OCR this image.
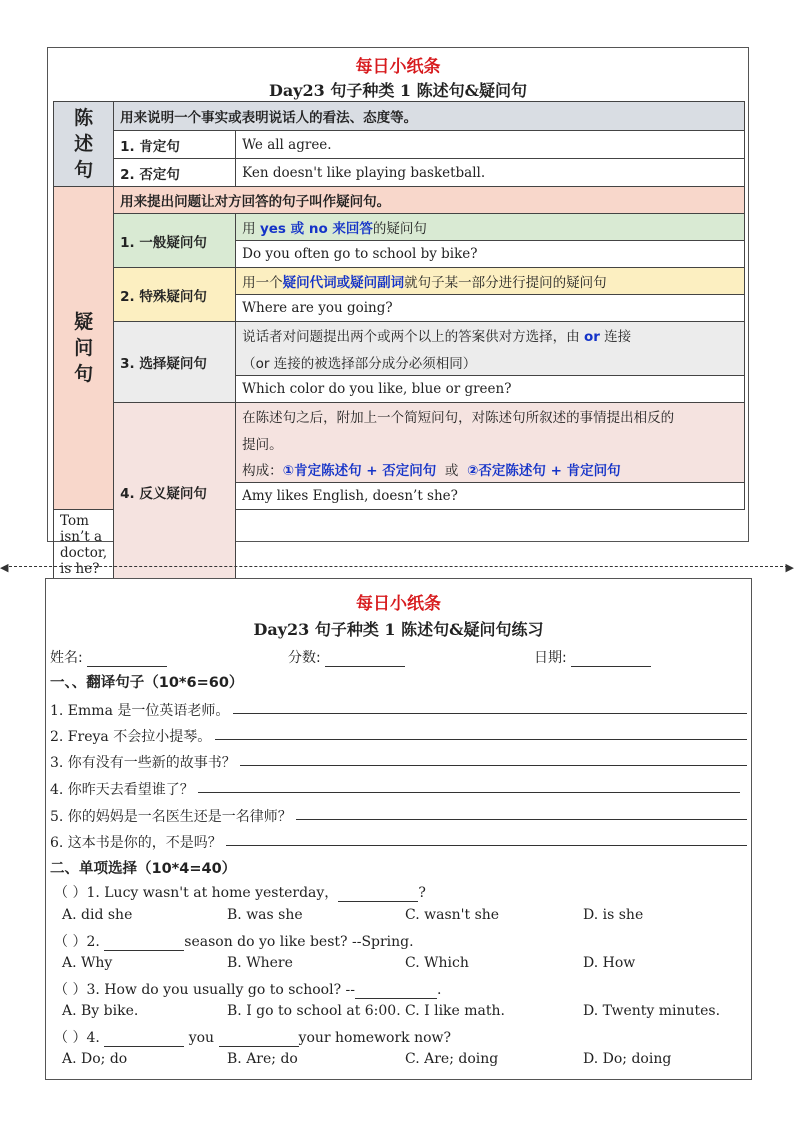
每日小纸条
Day23 句子种类 1 陈述句&疑问句
陈
述
句	用来说明一个事实或表明说话人的看法、态度等。	
	1. 肯定句	We all agree.
	2. 否定句	Ken doesn't like playing basketball.

疑
问
句	用来提出问题让对方回答的句子叫作疑问句。	
	1. 一般疑问句	用 yes 或 no 来回答的疑问句
		Do you often go to school by bike?
	2. 特殊疑问句	用一个疑问代词或疑问副词就句子某一部分进行提问的疑问句
		Where are you going?
	3. 选择疑问句	说话者对问题提出两个或两个以上的答案供对方选择，由 or 连接
		（or 连接的被选择部分成分必须相同）
		Which color do you like, blue or green?
	4. 反义疑问句	在陈述句之后，附加上一个简短问句，对陈述句所叙述的事情提出相反的
		提问。
		构成：①肯定陈述句 + 否定问句  或  ②否定陈述句 + 肯定问句
		Amy likes English, doesn’t she?
Tom isn’t a doctor, is he?		
◀	▶
每日小纸条
Day23 句子种类 1 陈述句&疑问句练习
姓名:	分数:	日期:
一、、翻译句子（10*6=60）
1. Emma 是一位英语老师。
2. Freya 不会拉小提琴。
3. 你有没有一些新的故事书？
4. 你昨天去看望谁了？
5. 你的妈妈是一名医生还是一名律师？
6. 这本书是你的，不是吗？
二、单项选择（10*4=40）
（ ）1. Lucy wasn't at home yesterday，	?
A. did she	B. was she	C. wasn't she	D. is she
（ ）2.	season do yo like best? --Spring.
A. Why	B. Where	C. Which	D. How
（ ）3. How do you usually go to school? --	.
A. By bike.	B. I go to school at 6:00. C. I like math.	D. Twenty minutes.
（ ）4.	you	your homework now?
A. Do; do	B. Are; do	C. Are; doing	D. Do; doing
